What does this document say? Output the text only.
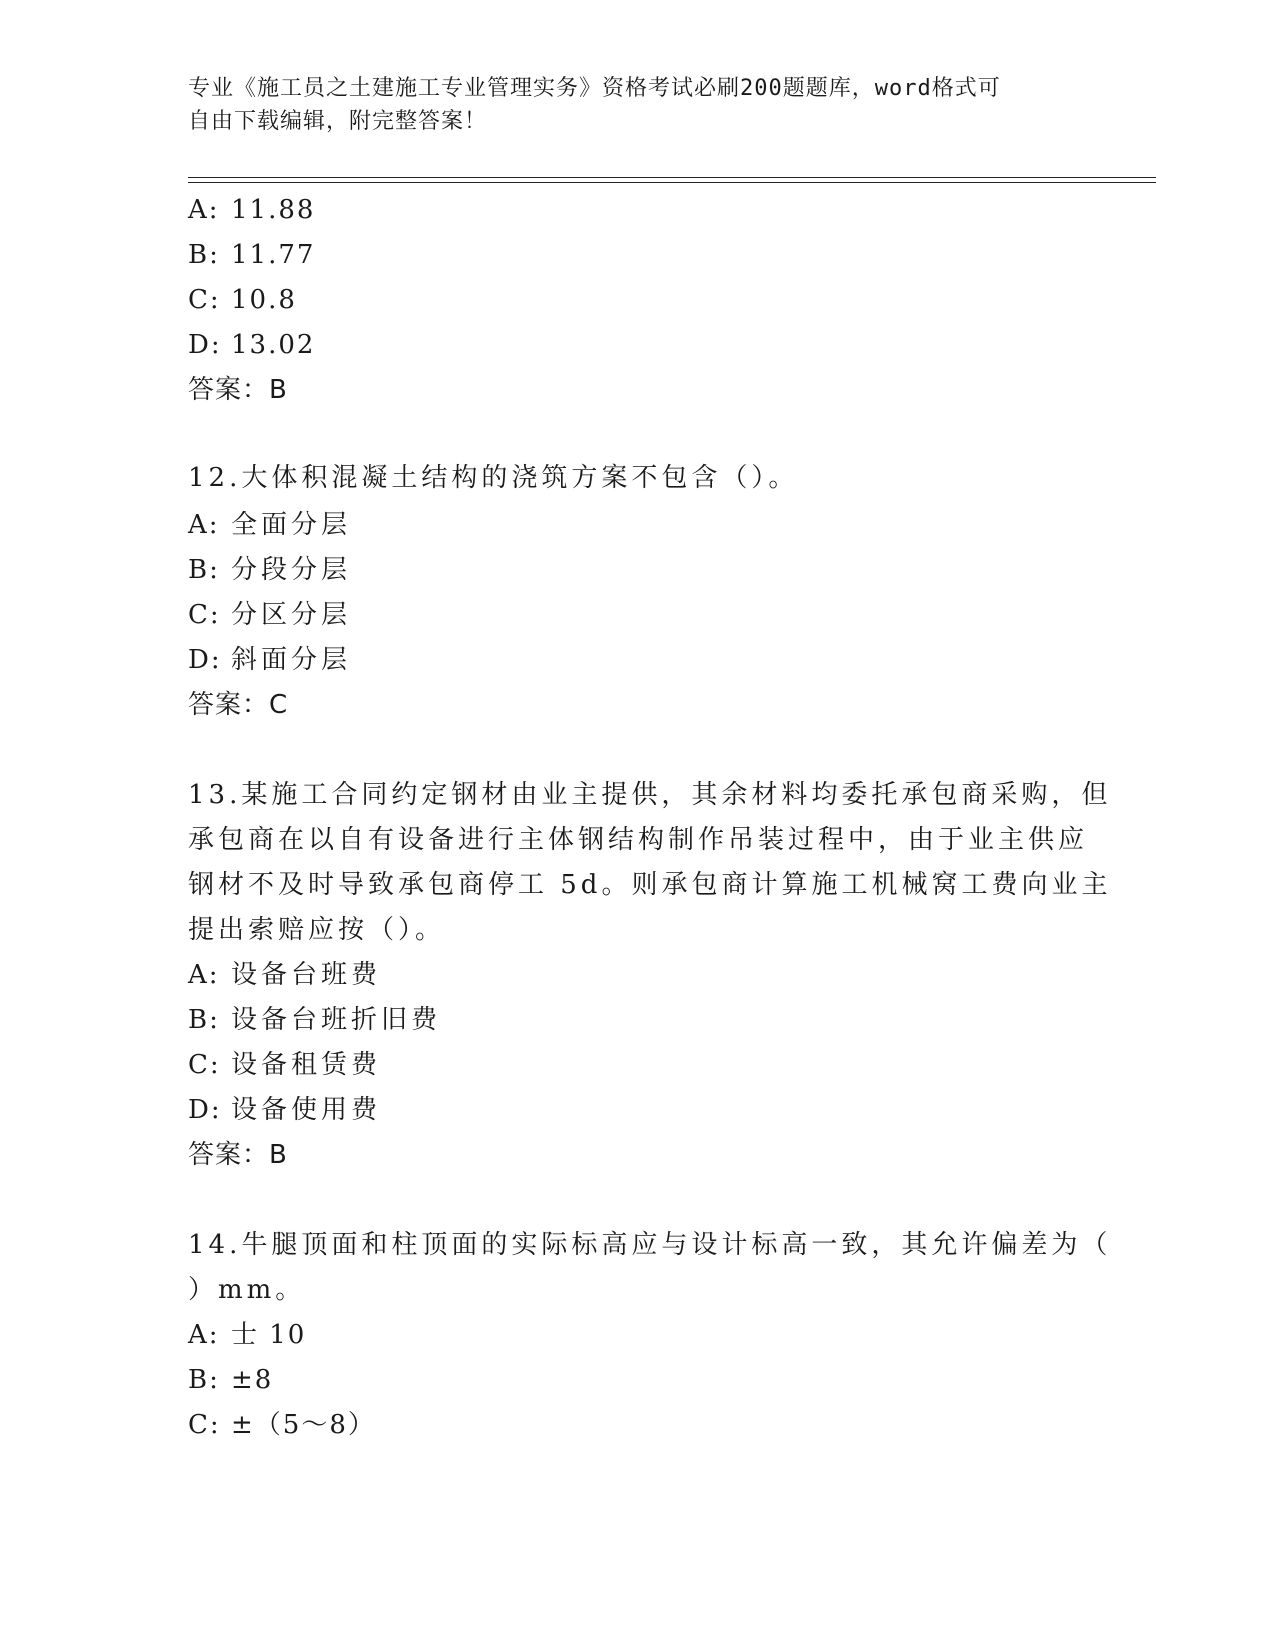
专业《施工员之土建施工专业管理实务》资格考试必刷200题题库，word格式可
自由下载编辑，附完整答案！
A: 11.88
B: 11.77
C: 10.8
D: 13.02
答案：B
12.大体积混凝土结构的浇筑方案不包含（）。
A: 全面分层
B: 分段分层
C: 分区分层
D: 斜面分层
答案：C
13.某施工合同约定钢材由业主提供，其余材料均委托承包商采购，但
承包商在以自有设备进行主体钢结构制作吊装过程中，由于业主供应
钢材不及时导致承包商停工 5d。则承包商计算施工机械窝工费向业主
提出索赔应按（）。
A: 设备台班费
B: 设备台班折旧费
C: 设备租赁费
D: 设备使用费
答案：B
14.牛腿顶面和柱顶面的实际标高应与设计标高一致，其允许偏差为（
）mm。
A: 士 10
B: ±8
C: ±（5～8）
